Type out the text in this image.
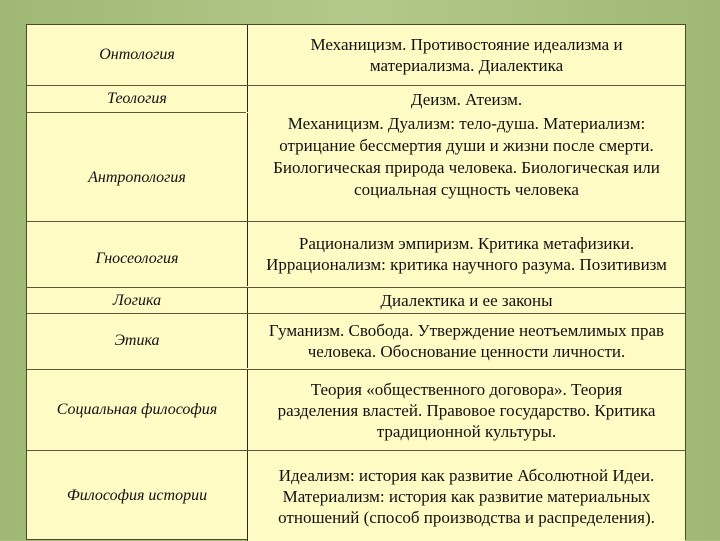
Онтология
Механицизм. Противостояние идеализма и материализма. Диалектика
Теология	Деизм. Атеизм.
Антропология
Механицизм. Дуализм: тело-душа. Материализм: отрицание бессмертия души и жизни после смерти. Биологическая природа человека. Биологическая или социальная сущность человека
Гносеология
Рационализм эмпиризм. Критика метафизики. Иррационализм: критика научного разума. Позитивизм
Логика	Диалектика и ее законы
Этика
Гуманизм. Свобода. Утверждение неотъемлимых прав человека. Обоснование ценности личности.
Социальная философия
Теория «общественного договора». Теория разделения властей. Правовое государство. Критика традиционной культуры.
Философия истории
Идеализм: история как развитие Абсолютной Идеи. Материализм: история как развитие материальных отношений (способ производства и распределения).
